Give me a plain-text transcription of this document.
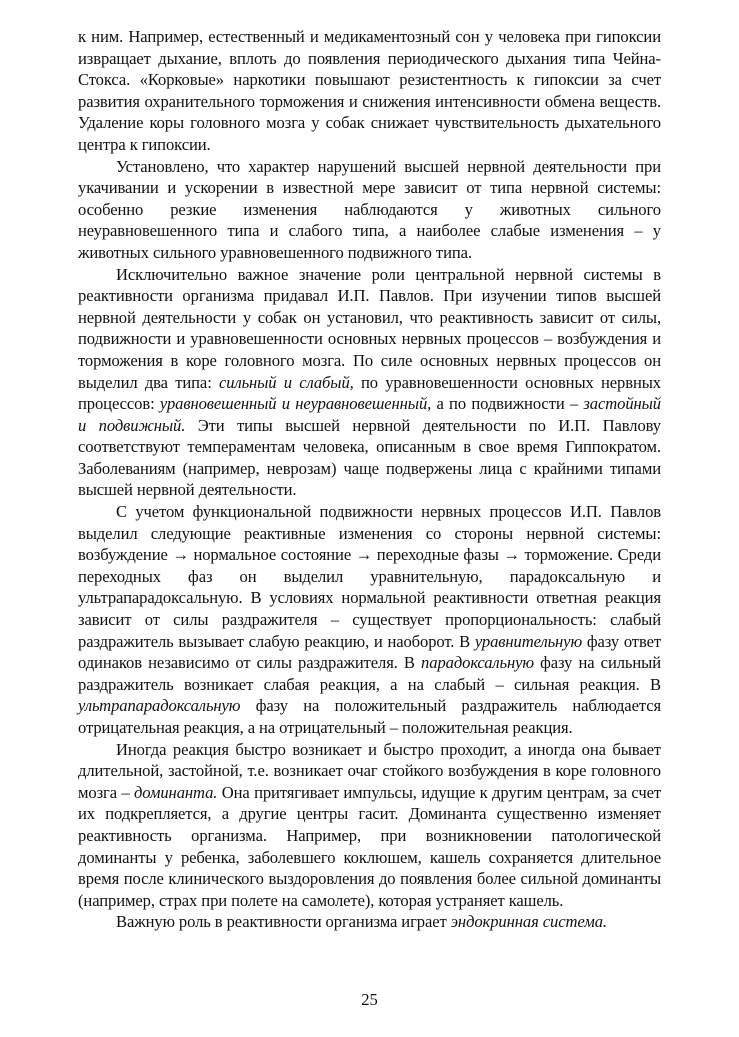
к ним. Например, естественный и медикаментозный сон у человека при гипоксии извращает дыхание, вплоть до появления периодического дыхания типа Чейна-Стокса. «Корковые» наркотики повышают резистентность к гипоксии за счет развития охранительного торможения и снижения интенсивности обмена веществ. Удаление коры головного мозга у собак снижает чувствительность дыхательного центра к гипоксии.

Установлено, что характер нарушений высшей нервной деятельности при укачивании и ускорении в известной мере зависит от типа нервной системы: особенно резкие изменения наблюдаются у животных сильного неуравновешенного типа и слабого типа, а наиболее слабые изменения – у животных сильного уравновешенного подвижного типа.

Исключительно важное значение роли центральной нервной системы в реактивности организма придавал И.П. Павлов. При изучении типов высшей нервной деятельности у собак он установил, что реактивность зависит от силы, подвижности и уравновешенности основных нервных процессов – возбуждения и торможения в коре головного мозга. По силе основных нервных процессов он выделил два типа: сильный и слабый, по уравновешенности основных нервных процессов: уравновешенный и неуравновешенный, а по подвижности – застойный и подвижный. Эти типы высшей нервной деятельности по И.П. Павлову соответствуют темпераментам человека, описанным в свое время Гиппократом. Заболеваниям (например, неврозам) чаще подвержены лица с крайними типами высшей нервной деятельности.

С учетом функциональной подвижности нервных процессов И.П. Павлов выделил следующие реактивные изменения со стороны нервной системы: возбуждение → нормальное состояние → переходные фазы → торможение. Среди переходных фаз он выделил уравнительную, парадоксальную и ультрапарадоксальную. В условиях нормальной реактивности ответная реакция зависит от силы раздражителя – существует пропорциональность: слабый раздражитель вызывает слабую реакцию, и наоборот. В уравнительную фазу ответ одинаков независимо от силы раздражителя. В парадоксальную фазу на сильный раздражитель возникает слабая реакция, а на слабый – сильная реакция. В ультрапарадоксальную фазу на положительный раздражитель наблюдается отрицательная реакция, а на отрицательный – положительная реакция.

Иногда реакция быстро возникает и быстро проходит, а иногда она бывает длительной, застойной, т.е. возникает очаг стойкого возбуждения в коре головного мозга – доминанта. Она притягивает импульсы, идущие к другим центрам, за счет их подкрепляется, а другие центры гасит. Доминанта существенно изменяет реактивность организма. Например, при возникновении патологической доминанты у ребенка, заболевшего коклюшем, кашель сохраняется длительное время после клинического выздоровления до появления более сильной доминанты (например, страх при полете на самолете), которая устраняет кашель.

Важную роль в реактивности организма играет эндокринная система.

25
